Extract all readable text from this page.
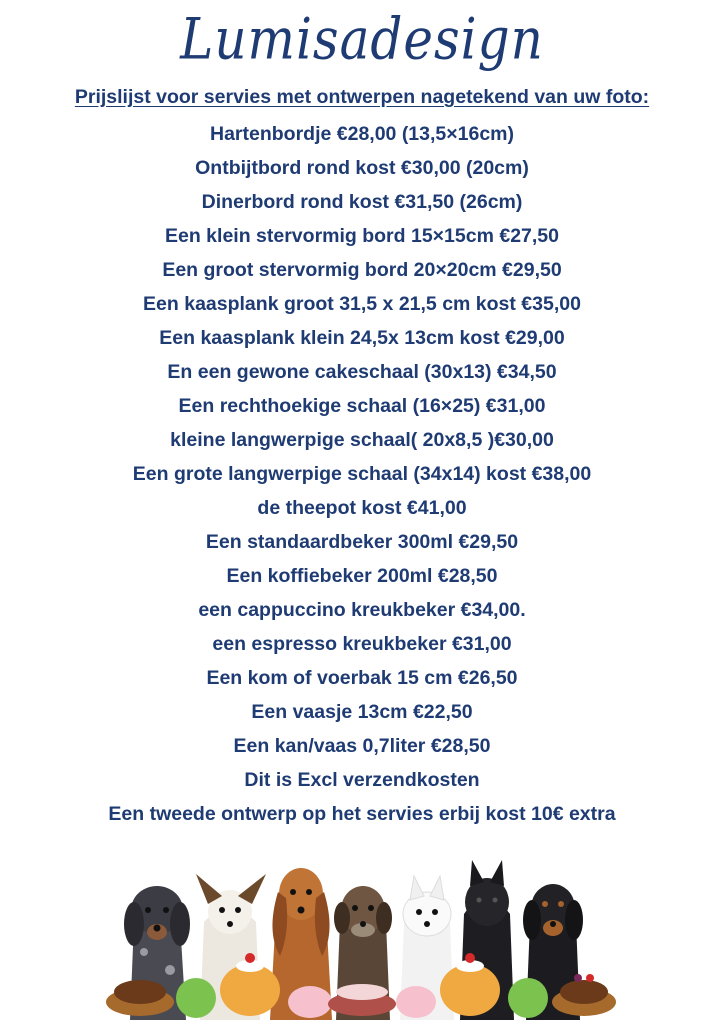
Lumisadesign
Prijslijst voor servies met ontwerpen nagetekend van uw foto:
Hartenbordje €28,00 (13,5×16cm)
Ontbijtbord rond kost €30,00 (20cm)
Dinerbord rond kost €31,50 (26cm)
Een klein stervormig bord 15×15cm €27,50
Een groot stervormig bord 20×20cm €29,50
Een kaasplank groot 31,5 x 21,5 cm kost €35,00
Een kaasplank klein 24,5x 13cm kost €29,00
En een gewone cakeschaal (30x13) €34,50
Een rechthoekige schaal (16×25) €31,00
kleine langwerpige schaal( 20x8,5 )€30,00
Een grote langwerpige schaal (34x14) kost €38,00
de theepot kost €41,00
Een standaardbeker 300ml €29,50
Een koffiebeker 200ml €28,50
een cappuccino kreukbeker €34,00.
een espresso kreukbeker €31,00
Een kom of voerbak 15 cm €26,50
Een vaasje 13cm €22,50
Een kan/vaas 0,7liter €28,50
Dit is Excl verzendkosten
Een tweede ontwerp op het servies erbij kost 10€ extra
